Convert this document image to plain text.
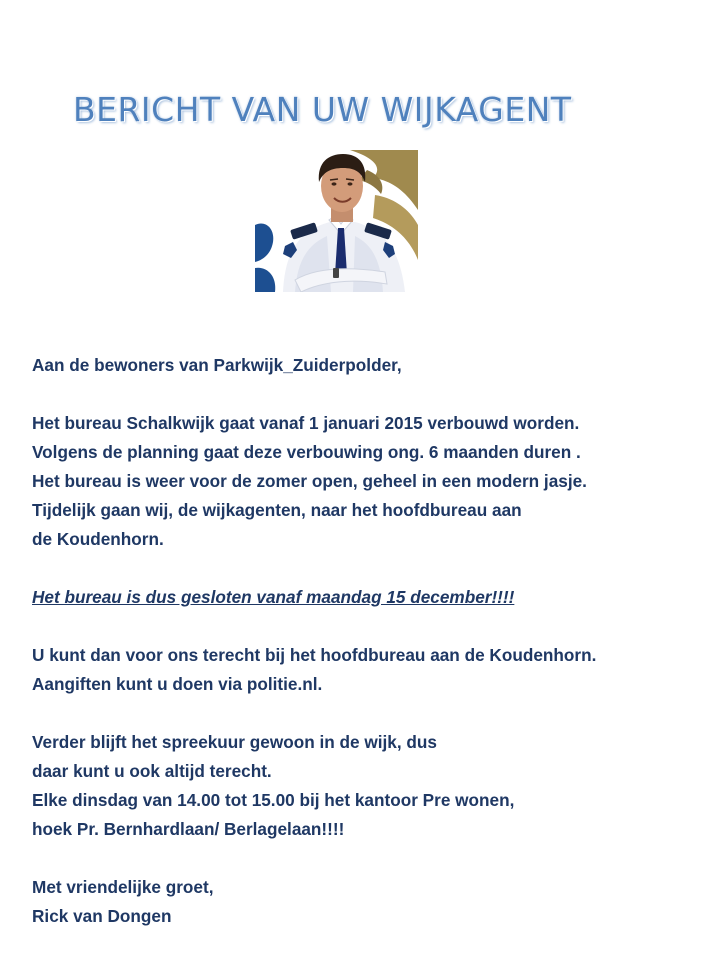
BERICHT VAN UW WIJKAGENT
Aan de bewoners van Parkwijk_Zuiderpolder,
Het bureau Schalkwijk gaat vanaf 1 januari 2015 verbouwd worden.
Volgens de planning gaat deze verbouwing ong. 6 maanden duren .
Het bureau is weer voor de zomer open, geheel in een modern jasje.
Tijdelijk gaan wij, de wijkagenten, naar het hoofdbureau aan
de Koudenhorn.
Het bureau is dus gesloten vanaf maandag 15 december!!!!
U kunt dan voor ons terecht bij het hoofdbureau aan de Koudenhorn.
Aangiften kunt u doen via politie.nl.
Verder blijft het spreekuur gewoon in de wijk, dus
daar kunt u ook altijd terecht.
Elke dinsdag van 14.00 tot 15.00 bij het kantoor Pre wonen,
hoek Pr. Bernhardlaan/ Berlagelaan!!!!
Met vriendelijke groet,
Rick van Dongen
